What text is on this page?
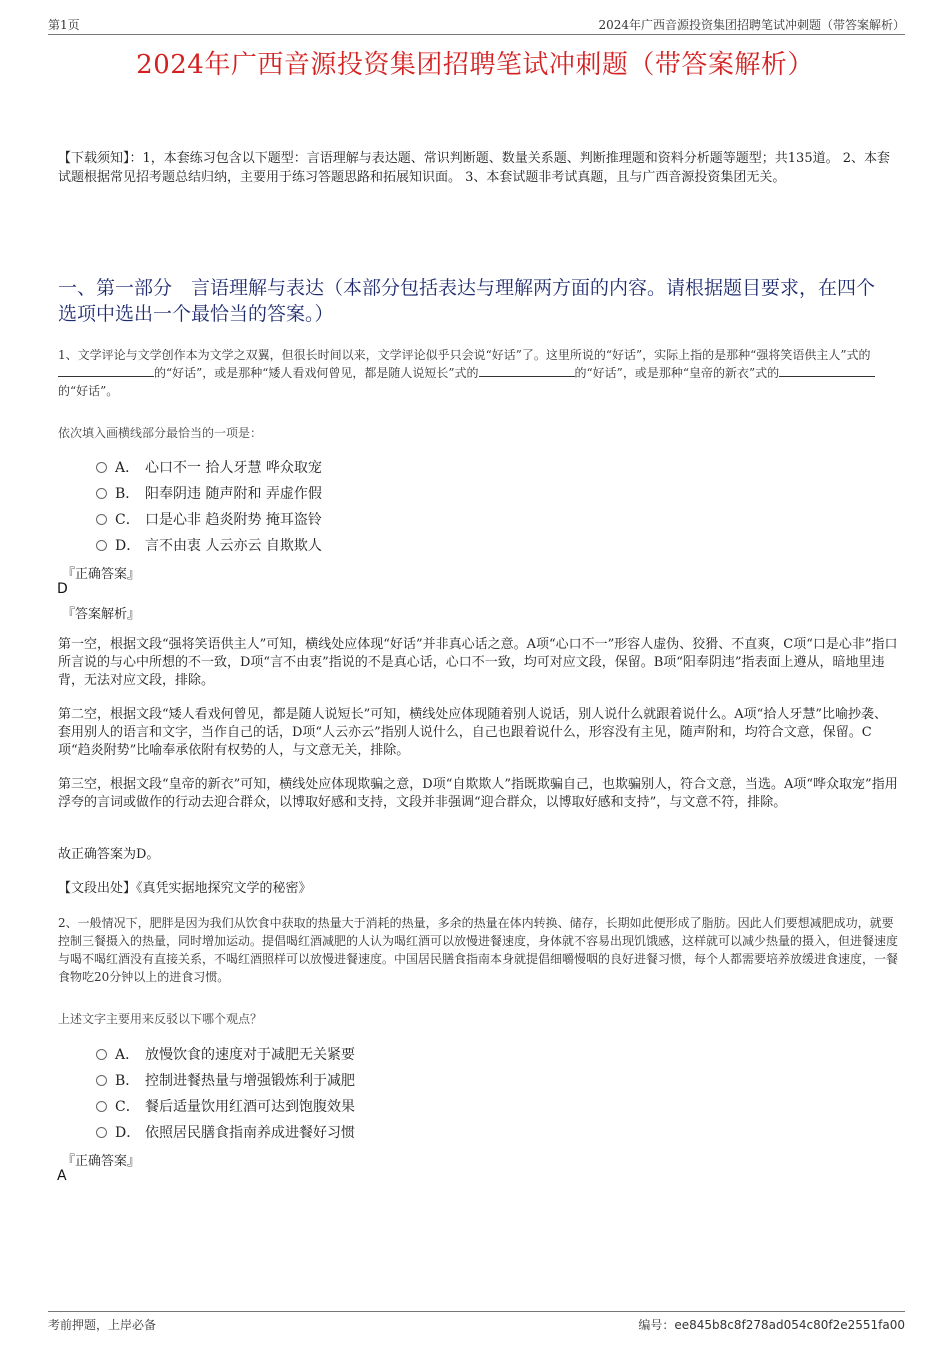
第1页	2024年广西音源投资集团招聘笔试冲刺题（带答案解析）
2024年广西音源投资集团招聘笔试冲刺题（带答案解析）
【下载须知】：1，本套练习包含以下题型：言语理解与表达题、常识判断题、数量关系题、判断推理题和资料分析题等题型；共135道。 2、本套试题根据常见招考题总结归纳，主要用于练习答题思路和拓展知识面。 3、本套试题非考试真题，且与广西音源投资集团无关。
一、第一部分　言语理解与表达（本部分包括表达与理解两方面的内容。请根据题目要求，在四个选项中选出一个最恰当的答案。）
1、文学评论与文学创作本为文学之双翼，但很长时间以来，文学评论似乎只会说“好话”了。这里所说的“好话”，实际上指的是那种“强将笑语供主人”式的的“好话”，或是那种“矮人看戏何曾见，都是随人说短长”式的	的“好话”，或是那种“皇帝的新衣”式的的“好话”。
依次填入画横线部分最恰当的一项是：
A． 心口不一 拾人牙慧 哗众取宠
B． 阳奉阴违 随声附和 弄虚作假
C． 口是心非 趋炎附势 掩耳盗铃
D． 言不由衷 人云亦云 自欺欺人
『正确答案』
D
『答案解析』
第一空，根据文段“强将笑语供主人”可知，横线处应体现“好话”并非真心话之意。A项“心口不一”形容人虚伪、狡猾、不直爽，C项“口是心非”指口所言说的与心中所想的不一致，D项“言不由衷”指说的不是真心话，心口不一致，均可对应文段，保留。B项“阳奉阴违”指表面上遵从，暗地里违背，无法对应文段，排除。
第二空，根据文段“矮人看戏何曾见，都是随人说短长”可知，横线处应体现随着别人说话，别人说什么就跟着说什么。A项“拾人牙慧”比喻抄袭、套用别人的语言和文字，当作自己的话，D项“人云亦云”指别人说什么，自己也跟着说什么，形容没有主见，随声附和，均符合文意，保留。C项“趋炎附势”比喻奉承依附有权势的人，与文意无关，排除。
第三空，根据文段“皇帝的新衣”可知，横线处应体现欺骗之意，D项“自欺欺人”指既欺骗自己，也欺骗别人，符合文意，当选。A项“哗众取宠”指用浮夸的言词或做作的行动去迎合群众，以博取好感和支持，文段并非强调“迎合群众，以博取好感和支持”，与文意不符，排除。
故正确答案为D。
【文段出处】《真凭实据地探究文学的秘密》
2、一般情况下，肥胖是因为我们从饮食中获取的热量大于消耗的热量，多余的热量在体内转换、储存，长期如此便形成了脂肪。因此人们要想减肥成功，就要控制三餐摄入的热量，同时增加运动。提倡喝红酒减肥的人认为喝红酒可以放慢进餐速度，身体就不容易出现饥饿感，这样就可以减少热量的摄入，但进餐速度与喝不喝红酒没有直接关系，不喝红酒照样可以放慢进餐速度。中国居民膳食指南本身就提倡细嚼慢咽的良好进餐习惯，每个人都需要培养放缓进食速度，一餐食物吃20分钟以上的进食习惯。
上述文字主要用来反驳以下哪个观点？
A． 放慢饮食的速度对于减肥无关紧要
B． 控制进餐热量与增强锻炼利于减肥
C． 餐后适量饮用红酒可达到饱腹效果
D． 依照居民膳食指南养成进餐好习惯
『正确答案』
A
考前押题，上岸必备	编号：ee845b8c8f278ad054c80f2e2551fa00
